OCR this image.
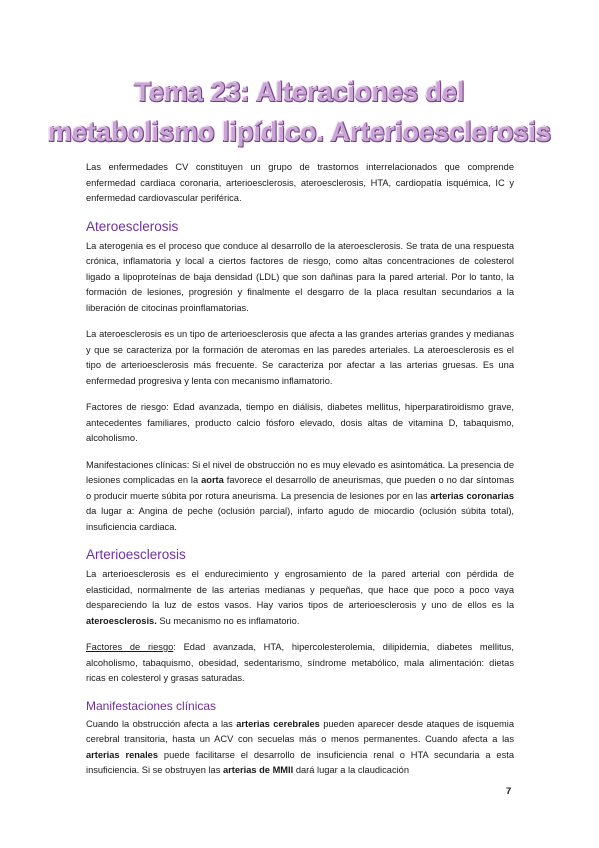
Tema 23: Alteraciones del
metabolismo lipídico. Arterioesclerosis

Las enfermedades CV constituyen un grupo de trastornos interrelacionados que comprende enfermedad cardiaca coronaria, arterioesclerosis, ateroesclerosis, HTA, cardiopatía isquémica, IC y enfermedad cardiovascular periférica.

Ateroesclerosis

La aterogenia es el proceso que conduce al desarrollo de la ateroesclerosis. Se trata de una respuesta crónica, inflamatoria y local a ciertos factores de riesgo, como altas concentraciones de colesterol ligado a lipoproteínas de baja densidad (LDL) que son dañinas para la pared arterial. Por lo tanto, la formación de lesiones, progresión y finalmente el desgarro de la placa resultan secundarios a la liberación de citocinas proinflamatorias.

La ateroesclerosis es un tipo de arterioesclerosis que afecta a las grandes arterias grandes y medianas y que se caracteriza por la formación de ateromas en las paredes arteriales. La ateroesclerosis es el tipo de arterioesclerosis más frecuente. Se caracteriza por afectar a las arterias gruesas. Es una enfermedad progresiva y lenta con mecanismo inflamatorio.

Factores de riesgo: Edad avanzada, tiempo en diálisis, diabetes mellitus, hiperparatiroidismo grave, antecedentes familiares, producto calcio fósforo elevado, dosis altas de vitamina D, tabaquismo, alcoholismo.

Manifestaciones clínicas: Si el nivel de obstrucción no es muy elevado es asintomática. La presencia de lesiones complicadas en la aorta favorece el desarrollo de aneurismas, que pueden o no dar síntomas o producir muerte súbita por rotura aneurisma. La presencia de lesiones por en las arterias coronarias da lugar a: Angina de peche (oclusión parcial), infarto agudo de miocardio (oclusión súbita total), insuficiencia cardiaca.

Arterioesclerosis

La arterioesclerosis es el endurecimiento y engrosamiento de la pared arterial con pérdida de elasticidad, normalmente de las arterias medianas y pequeñas, que hace que poco a poco vaya despareciendo la luz de estos vasos. Hay varios tipos de arterioesclerosis y uno de ellos es la ateroesclerosis. Su mecanismo no es inflamatorio.

Factores de riesgo: Edad avanzada, HTA, hipercolesterolemia, dilipidemia, diabetes mellitus, alcoholismo, tabaquismo, obesidad, sedentarismo, síndrome metabólico, mala alimentación: dietas ricas en colesterol y grasas saturadas.

Manifestaciones clínicas

Cuando la obstrucción afecta a las arterias cerebrales pueden aparecer desde ataques de isquemia cerebral transitoria, hasta un ACV con secuelas más o menos permanentes. Cuando afecta a las arterias renales puede facilitarse el desarrollo de insuficiencia renal o HTA secundaria a esta insuficiencia. Si se obstruyen las arterias de MMII dará lugar a la claudicación

7
